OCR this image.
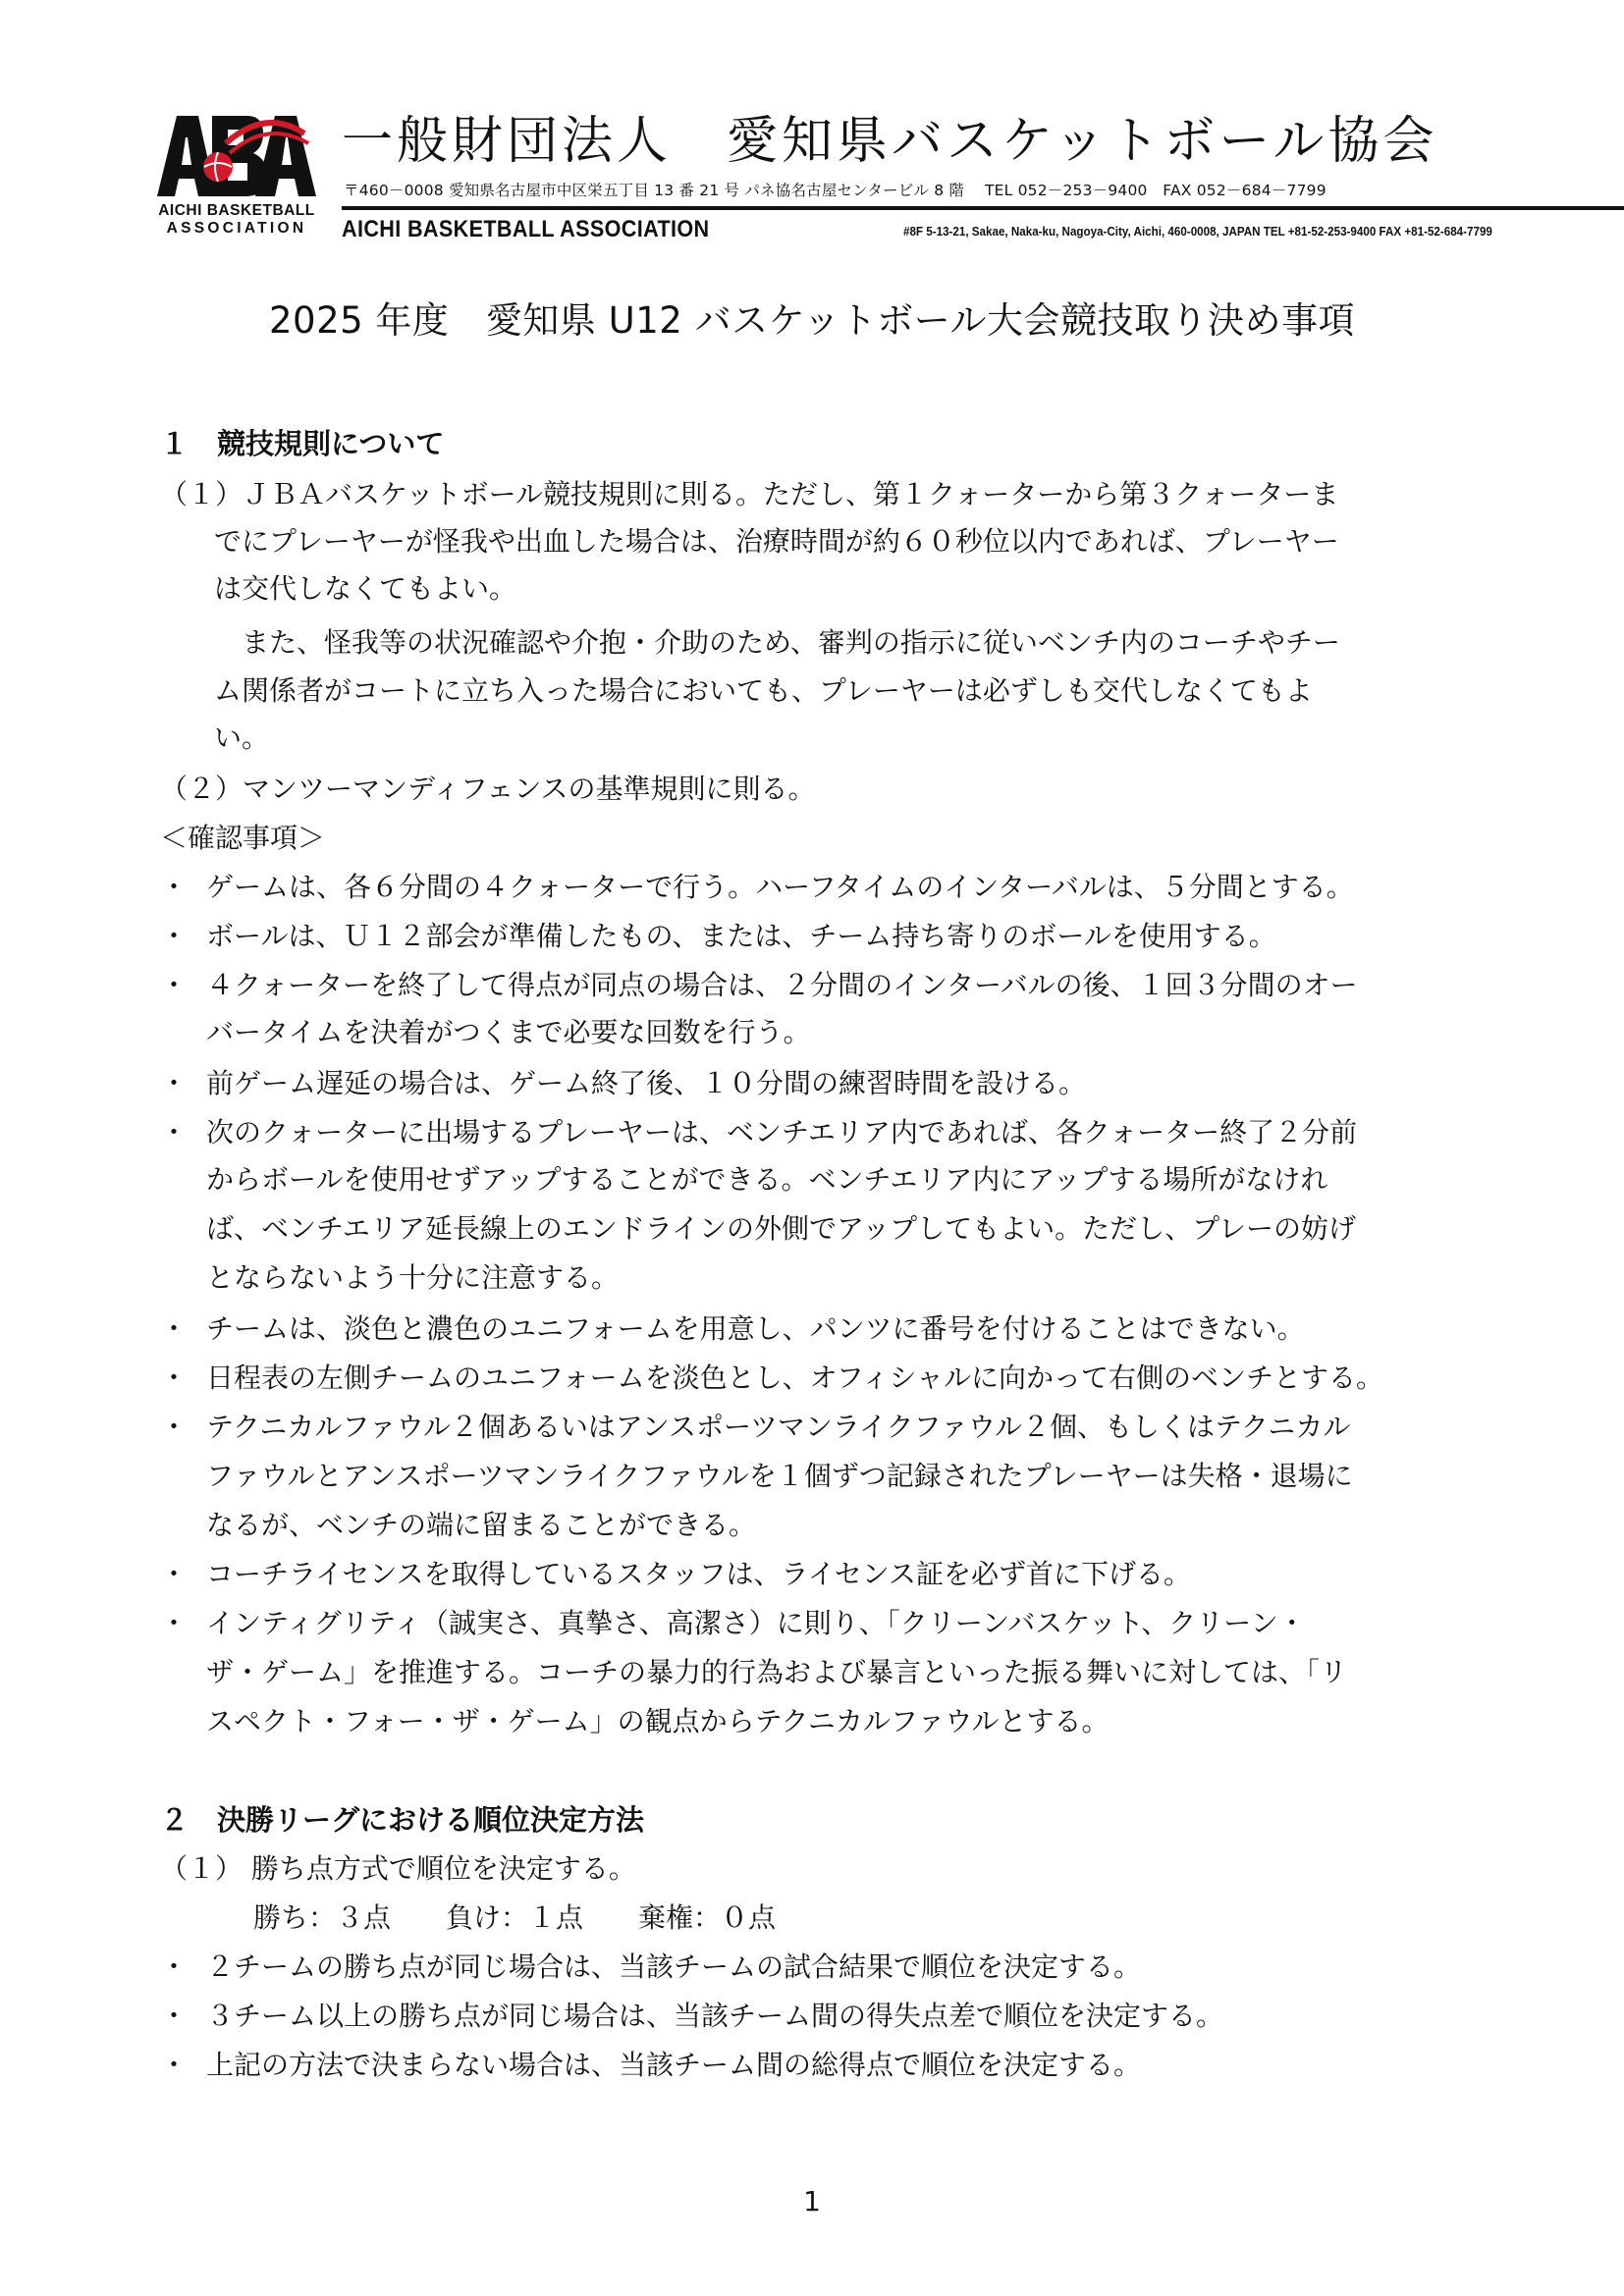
AICHI BASKETBALL
ASSOCIATION
一般財団法人　愛知県バスケットボール協会
〒460－0008 愛知県名古屋市中区栄五丁目 13 番 21 号 パネ協名古屋センタービル 8 階　 TEL 052－253－9400　FAX 052－684－7799
AICHI BASKETBALL ASSOCIATION	#8F 5-13-21, Sakae, Naka-ku, Nagoya-City, Aichi, 460-0008, JAPAN TEL +81-52-253-9400 FAX +81-52-684-7799
2025 年度　愛知県 U12 バスケットボール大会競技取り決め事項
１　競技規則について
（１）ＪＢＡバスケットボール競技規則に則る。ただし、第１クォーターから第３クォーターま
でにプレーヤーが怪我や出血した場合は、治療時間が約６０秒位以内であれば、プレーヤー
は交代しなくてもよい。
　また、怪我等の状況確認や介抱・介助のため、審判の指示に従いベンチ内のコーチやチー
ム関係者がコートに立ち入った場合においても、プレーヤーは必ずしも交代しなくてもよ
い。
（２）マンツーマンディフェンスの基準規則に則る。
＜確認事項＞
・ ゲームは、各６分間の４クォーターで行う。ハーフタイムのインターバルは、５分間とする。
・ ボールは、Ｕ１２部会が準備したもの、または、チーム持ち寄りのボールを使用する。
・ ４クォーターを終了して得点が同点の場合は、２分間のインターバルの後、１回３分間のオー
バータイムを決着がつくまで必要な回数を行う。
・ 前ゲーム遅延の場合は、ゲーム終了後、１０分間の練習時間を設ける。
・ 次のクォーターに出場するプレーヤーは、ベンチエリア内であれば、各クォーター終了２分前
からボールを使用せずアップすることができる。ベンチエリア内にアップする場所がなけれ
ば、ベンチエリア延長線上のエンドラインの外側でアップしてもよい。ただし、プレーの妨げ
とならないよう十分に注意する。
・ チームは、淡色と濃色のユニフォームを用意し、パンツに番号を付けることはできない。
・ 日程表の左側チームのユニフォームを淡色とし、オフィシャルに向かって右側のベンチとする。
・ テクニカルファウル２個あるいはアンスポーツマンライクファウル２個、もしくはテクニカル
ファウルとアンスポーツマンライクファウルを１個ずつ記録されたプレーヤーは失格・退場に
なるが、ベンチの端に留まることができる。
・ コーチライセンスを取得しているスタッフは、ライセンス証を必ず首に下げる。
・ インティグリティ（誠実さ、真摯さ、高潔さ）に則り、「クリーンバスケット、クリーン・
ザ・ゲーム」を推進する。コーチの暴力的行為および暴言といった振る舞いに対しては、「リ
スペクト・フォー・ザ・ゲーム」の観点からテクニカルファウルとする。
２　決勝リーグにおける順位決定方法
（１） 勝ち点方式で順位を決定する。
勝ち：３点　　負け：１点　　棄権：０点
・ ２チームの勝ち点が同じ場合は、当該チームの試合結果で順位を決定する。
・ ３チーム以上の勝ち点が同じ場合は、当該チーム間の得失点差で順位を決定する。
・ 上記の方法で決まらない場合は、当該チーム間の総得点で順位を決定する。
1
